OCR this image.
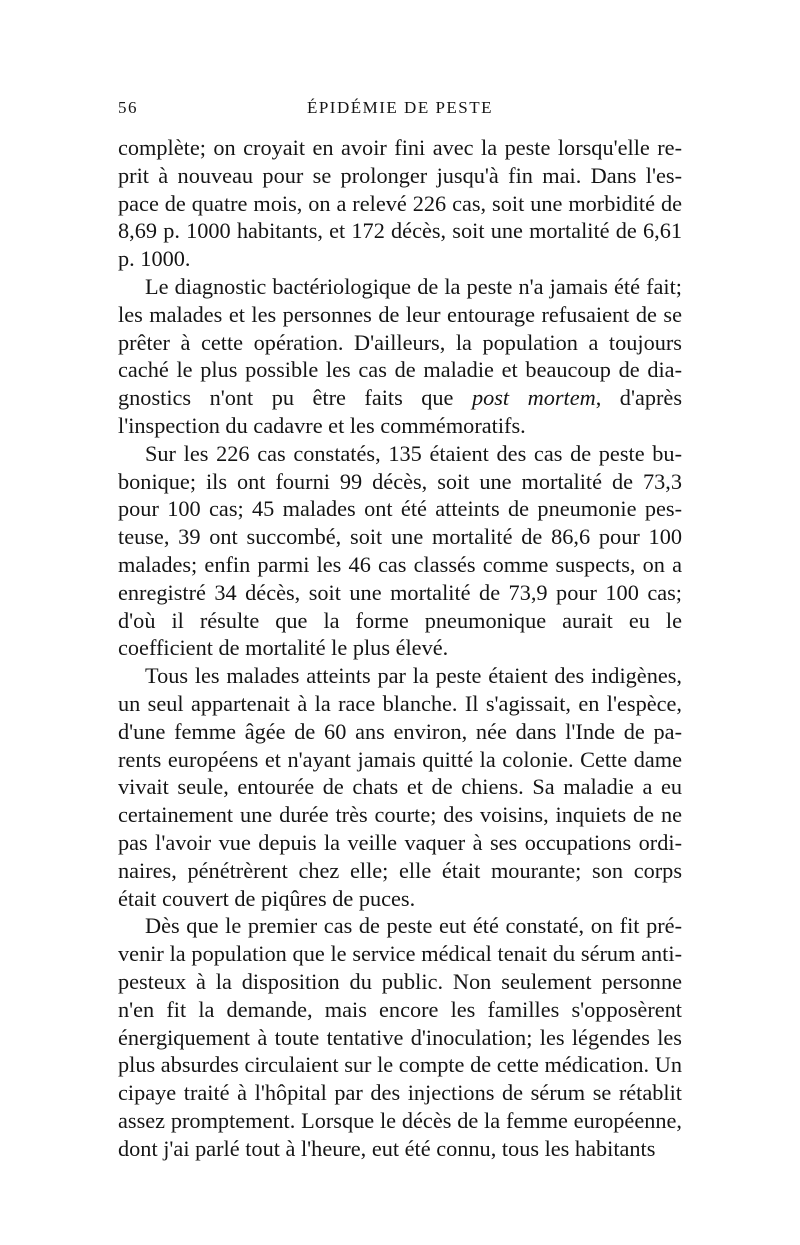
56	ÉPIDÉMIE DE PESTE

complète; on croyait en avoir fini avec la peste lorsqu'elle re-prit à nouveau pour se prolonger jusqu'à fin mai. Dans l'es-pace de quatre mois, on a relevé 226 cas, soit une morbidité de 8,69 p. 1000 habitants, et 172 décès, soit une mortalité de 6,61 p. 1000.

Le diagnostic bactériologique de la peste n'a jamais été fait; les malades et les personnes de leur entourage refusaient de se prêter à cette opération. D'ailleurs, la population a toujours caché le plus possible les cas de maladie et beaucoup de dia-gnostics n'ont pu être faits que post mortem, d'après l'inspection du cadavre et les commémoratifs.

Sur les 226 cas constatés, 135 étaient des cas de peste bu-bonique; ils ont fourni 99 décès, soit une mortalité de 73,3 pour 100 cas; 45 malades ont été atteints de pneumonie pes-teuse, 39 ont succombé, soit une mortalité de 86,6 pour 100 malades; enfin parmi les 46 cas classés comme suspects, on a enregistré 34 décès, soit une mortalité de 73,9 pour 100 cas; d'où il résulte que la forme pneumonique aurait eu le coefficient de mortalité le plus élevé.

Tous les malades atteints par la peste étaient des indigènes, un seul appartenait à la race blanche. Il s'agissait, en l'espèce, d'une femme âgée de 60 ans environ, née dans l'Inde de pa-rents européens et n'ayant jamais quitté la colonie. Cette dame vivait seule, entourée de chats et de chiens. Sa maladie a eu certainement une durée très courte; des voisins, inquiets de ne pas l'avoir vue depuis la veille vaquer à ses occupations ordi-naires, pénétrèrent chez elle; elle était mourante; son corps était couvert de piqûres de puces.

Dès que le premier cas de peste eut été constaté, on fit pré-venir la population que le service médical tenait du sérum anti-pesteux à la disposition du public. Non seulement personne n'en fit la demande, mais encore les familles s'opposèrent énergiquement à toute tentative d'inoculation; les légendes les plus absurdes circulaient sur le compte de cette médication. Un cipaye traité à l'hôpital par des injections de sérum se rétablit assez promptement. Lorsque le décès de la femme européenne, dont j'ai parlé tout à l'heure, eut été connu, tous les habitants
